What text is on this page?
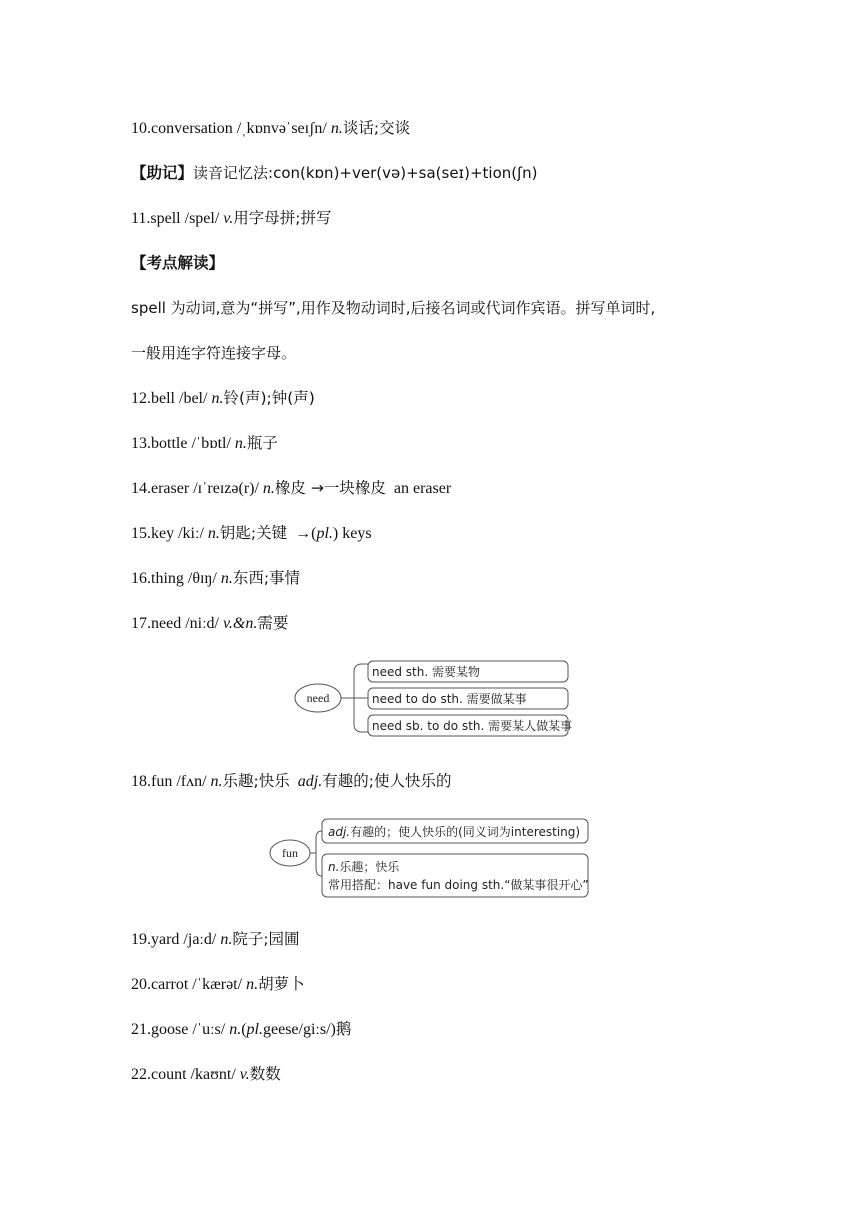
10.conversation /ˌkɒnvəˈseɪʃn/ n.谈话;交谈
【助记】读音记忆法:con(kɒn)+ver(və)+sa(seɪ)+tion(ʃn)
11.spell /spel/ v.用字母拼;拼写
【考点解读】
spell 为动词,意为“拼写”,用作及物动词时,后接名词或代词作宾语。拼写单词时,
一般用连字符连接字母。
12.bell /bel/ n.铃(声);钟(声)
13.bottle /ˈbɒtl/ n.瓶子
14.eraser /ɪˈreɪzə(r)/ n.橡皮 →一块橡皮  an eraser
15.key /kiː/ n.钥匙;关键  →(pl.) keys
16.thing /θɪŋ/ n.东西;事情
17.need /niːd/ v.&n.需要
need
need sth. 需要某物
need to do sth. 需要做某事
need sb. to do sth. 需要某人做某事
18.fun /fʌn/ n.乐趣;快乐 adj.有趣的;使人快乐的
fun
adj.有趣的；使人快乐的(同义词为interesting)
n.乐趣；快乐
常用搭配：have fun doing sth.“做某事很开心”
19.yard /jaːd/ n.院子;园圃
20.carrot /ˈkærət/ n.胡萝卜
21.goose /ˈuːs/ n.(pl.geese/giːs/)鹅
22.count /kaʊnt/ v.数数
